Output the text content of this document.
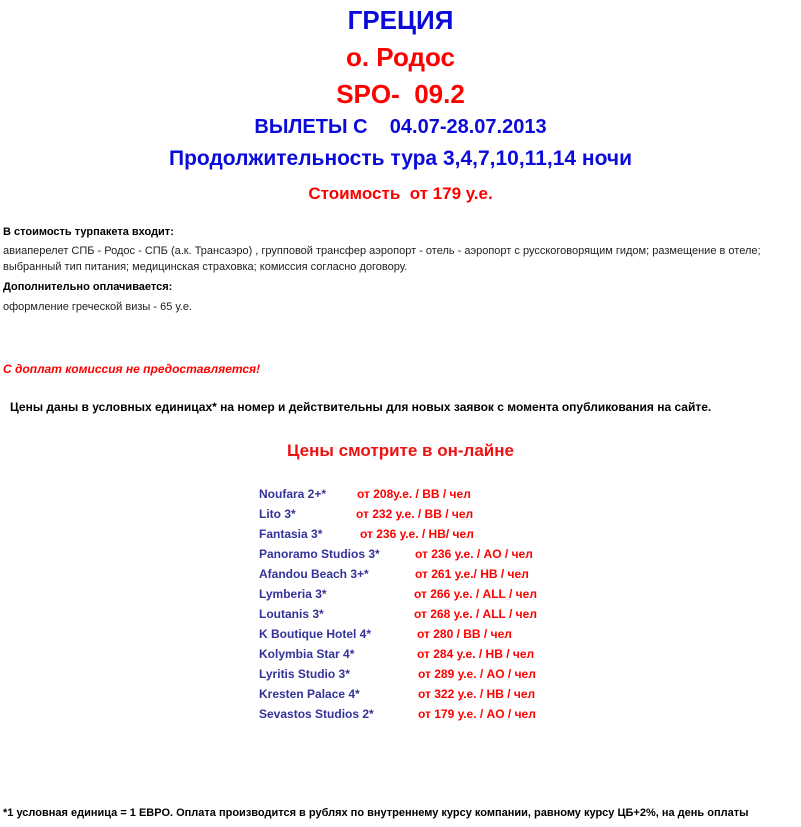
ГРЕЦИЯ
о. Родос
SPO-  09.2
ВЫЛЕТЫ С    04.07-28.07.2013
Продолжительность тура 3,4,7,10,11,14 ночи
Стоимость  от 179 у.е.
В стоимость турпакета входит:
авиаперелет СПБ - Родос - СПБ (а.к. Трансаэро) , групповой трансфер аэропорт - отель - аэропорт с русскоговорящим гидом; размещение в отеле; выбранный тип питания; медицинская страховка; комиссия согласно договору.
Дополнительно оплачивается:
оформление греческой визы - 65 у.е.
С доплат комиссия не предоставляется!
Цены даны в условных единицах* на номер и действительны для новых заявок с момента опубликования на сайте.
Цены смотрите в он-лайне
Noufara 2+*	от 208у.е. / BB / чел
Lito 3*	от 232 у.е. / BB / чел
Fantasia 3*	от 236 у.е. / HB/ чел
Panoramo Studios 3*	от 236 у.е. / AO / чел
Afandou Beach 3+*	от 261 у.е./ HB / чел
Lymberia 3*	от 266 у.е. / ALL / чел
Loutanis 3*	от 268 у.е. / ALL / чел
K Boutique Hotel 4*	от 280 / BB / чел
Kolymbia Star 4*	от 284 у.е. / HB / чел
Lyritis Studio 3*	от 289 у.е. / AO / чел
Kresten Palace 4*	от 322 у.е. / HB / чел
Sevastos Studios 2*	от 179 у.е. / AO / чел
*1 условная единица = 1 ЕВРО. Оплата производится в рублях по внутреннему курсу компании, равному курсу ЦБ+2%, на день оплаты
